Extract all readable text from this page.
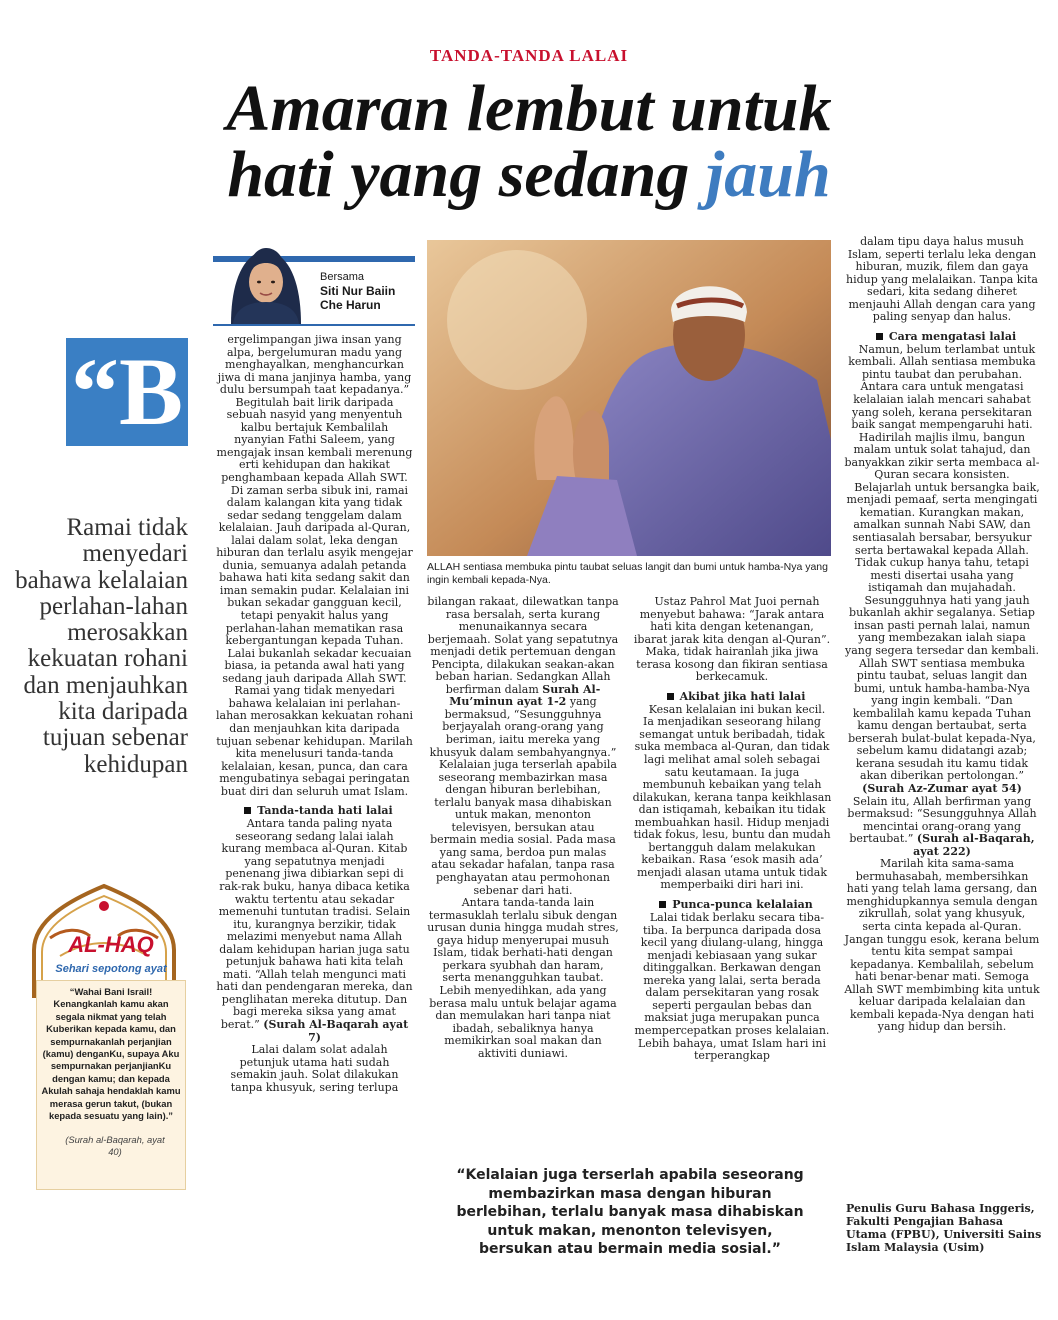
TANDA-TANDA LALAI
Amaran lembut untuk
hati yang sedang jauh
Bersama
Siti Nur Baiin
Che Harun
“B
Ramai tidak menyedari bahawa kelalaian perlahan-lahan merosakkan kekuatan rohani dan menjauhkan kita daripada tujuan sebenar kehidupan
AL-HAQ
Sehari sepotong ayat
“Wahai Bani Israil! Kenangkanlah kamu akan segala nikmat yang telah Kuberikan kepada kamu, dan sempurnakanlah perjanjian (kamu) denganKu, supaya Aku sempurnakan perjanjianKu dengan kamu; dan kepada Akulah sahaja hendaklah kamu merasa gerun takut, (bukan kepada sesuatu yang lain).”
(Surah al-Baqarah, ayat 40)
ALLAH sentiasa membuka pintu taubat seluas langit dan bumi untuk hamba-Nya yang ingin kembali kepada-Nya.

ergelimpangan jiwa insan yang alpa, bergelumuran madu yang menghayalkan, menghancurkan jiwa di mana janjinya hamba, yang dulu bersumpah taat kepadanya.” Begitulah bait lirik daripada sebuah nasyid yang menyentuh kalbu bertajuk Kembalilah nyanyian Fathi Saleem, yang mengajak insan kembali merenung erti kehidupan dan hakikat penghambaan kepada Allah SWT.

Di zaman serba sibuk ini, ramai dalam kalangan kita yang tidak sedar sedang tenggelam dalam kelalaian. Jauh daripada al-Quran, lalai dalam solat, leka dengan hiburan dan terlalu asyik mengejar dunia, semuanya adalah petanda bahawa hati kita sedang sakit dan iman semakin pudar. Kelalaian ini bukan sekadar gangguan kecil, tetapi penyakit halus yang perlahan-lahan mematikan rasa kebergantungan kepada Tuhan.

Lalai bukanlah sekadar kecuaian biasa, ia petanda awal hati yang sedang jauh daripada Allah SWT. Ramai yang tidak menyedari bahawa kelalaian ini perlahan-lahan merosakkan kekuatan rohani dan menjauhkan kita daripada tujuan sebenar kehidupan. Marilah kita menelusuri tanda-tanda kelalaian, kesan, punca, dan cara mengubatinya sebagai peringatan buat diri dan seluruh umat Islam.

Tanda-tanda hati lalai

Antara tanda paling nyata seseorang sedang lalai ialah kurang membaca al-Quran. Kitab yang sepatutnya menjadi penenang jiwa dibiarkan sepi di rak-rak buku, hanya dibaca ketika waktu tertentu atau sekadar memenuhi tuntutan tradisi. Selain itu, kurangnya berzikir, tidak melazimi menyebut nama Allah dalam kehidupan harian juga satu petunjuk bahawa hati kita telah mati. “Allah telah mengunci mati hati dan pendengaran mereka, dan penglihatan mereka ditutup. Dan bagi mereka siksa yang amat berat.” (Surah Al-Baqarah ayat 7)

Lalai dalam solat adalah petunjuk utama hati sudah semakin jauh. Solat dilakukan tanpa khusyuk, sering terlupa

bilangan rakaat, dilewatkan tanpa rasa bersalah, serta kurang menunaikannya secara berjemaah. Solat yang sepatutnya menjadi detik pertemuan dengan Pencipta, dilakukan seakan-akan beban harian. Sedangkan Allah berfirman dalam Surah Al-Mu’minun ayat 1-2 yang bermaksud, “Sesungguhnya berjayalah orang-orang yang beriman, iaitu mereka yang khusyuk dalam sembahyangnya.”

Kelalaian juga terserlah apabila seseorang membazirkan masa dengan hiburan berlebihan, terlalu banyak masa dihabiskan untuk makan, menonton televisyen, bersukan atau bermain media sosial. Pada masa yang sama, berdoa pun malas atau sekadar hafalan, tanpa rasa penghayatan atau permohonan sebenar dari hati.

Antara tanda-tanda lain termasuklah terlalu sibuk dengan urusan dunia hingga mudah stres, gaya hidup menyerupai musuh Islam, tidak berhati-hati dengan perkara syubhah dan haram, serta menangguhkan taubat. Lebih menyedihkan, ada yang berasa malu untuk belajar agama dan memulakan hari tanpa niat ibadah, sebaliknya hanya memikirkan soal makan dan aktiviti duniawi.

Ustaz Pahrol Mat Juoi pernah menyebut bahawa: “Jarak antara hati kita dengan ketenangan, ibarat jarak kita dengan al-Quran”. Maka, tidak hairanlah jika jiwa terasa kosong dan fikiran sentiasa berkecamuk.

Akibat jika hati lalai

Kesan kelalaian ini bukan kecil. Ia menjadikan seseorang hilang semangat untuk beribadah, tidak suka membaca al-Quran, dan tidak lagi melihat amal soleh sebagai satu keutamaan. Ia juga membunuh kebaikan yang telah dilakukan, kerana tanpa keikhlasan dan istiqamah, kebaikan itu tidak membuahkan hasil. Hidup menjadi tidak fokus, lesu, buntu dan mudah bertangguh dalam melakukan kebaikan. Rasa ‘esok masih ada’ menjadi alasan utama untuk tidak memperbaiki diri hari ini.

Punca-punca kelalaian

Lalai tidak berlaku secara tiba-tiba. Ia berpunca daripada dosa kecil yang diulang-ulang, hingga menjadi kebiasaan yang sukar ditinggalkan. Berkawan dengan mereka yang lalai, serta berada dalam persekitaran yang rosak seperti pergaulan bebas dan maksiat juga merupakan punca mempercepatkan proses kelalaian. Lebih bahaya, umat Islam hari ini terperangkap

dalam tipu daya halus musuh Islam, seperti terlalu leka dengan hiburan, muzik, filem dan gaya hidup yang melalaikan. Tanpa kita sedari, kita sedang diheret menjauhi Allah dengan cara yang paling senyap dan halus.

Cara mengatasi lalai

Namun, belum terlambat untuk kembali. Allah sentiasa membuka pintu taubat dan perubahan. Antara cara untuk mengatasi kelalaian ialah mencari sahabat yang soleh, kerana persekitaran baik sangat mempengaruhi hati. Hadirilah majlis ilmu, bangun malam untuk solat tahajud, dan banyakkan zikir serta membaca al-Quran secara konsisten.

Belajarlah untuk bersangka baik, menjadi pemaaf, serta mengingati kematian. Kurangkan makan, amalkan sunnah Nabi SAW, dan sentiasalah bersabar, bersyukur serta bertawakal kepada Allah. Tidak cukup hanya tahu, tetapi mesti disertai usaha yang istiqamah dan mujahadah.

Sesungguhnya hati yang jauh bukanlah akhir segalanya. Setiap insan pasti pernah lalai, namun yang membezakan ialah siapa yang segera tersedar dan kembali. Allah SWT sentiasa membuka pintu taubat, seluas langit dan bumi, untuk hamba-hamba-Nya yang ingin kembali. “Dan kembalilah kamu kepada Tuhan kamu dengan bertaubat, serta berserah bulat-bulat kepada-Nya, sebelum kamu didatangi azab; kerana sesudah itu kamu tidak akan diberikan pertolongan.” (Surah Az-Zumar ayat 54) Selain itu, Allah berfirman yang bermaksud: “Sesungguhnya Allah mencintai orang-orang yang bertaubat.” (Surah al-Baqarah, ayat 222)

Marilah kita sama-sama bermuhasabah, membersihkan hati yang telah lama gersang, dan menghidupkannya semula dengan zikrullah, solat yang khusyuk, serta cinta kepada al-Quran. Jangan tunggu esok, kerana belum tentu kita sempat sampai kepadanya. Kembalilah, sebelum hati benar-benar mati. Semoga Allah SWT membimbing kita untuk keluar daripada kelalaian dan kembali kepada-Nya dengan hati yang hidup dan bersih.

“Kelalaian juga terserlah apabila seseorang membazirkan masa dengan hiburan berlebihan, terlalu banyak masa dihabiskan untuk makan, menonton televisyen, bersukan atau bermain media sosial.”
Penulis Guru Bahasa Inggeris, Fakulti Pengajian Bahasa Utama (FPBU), Universiti Sains Islam Malaysia (Usim)
